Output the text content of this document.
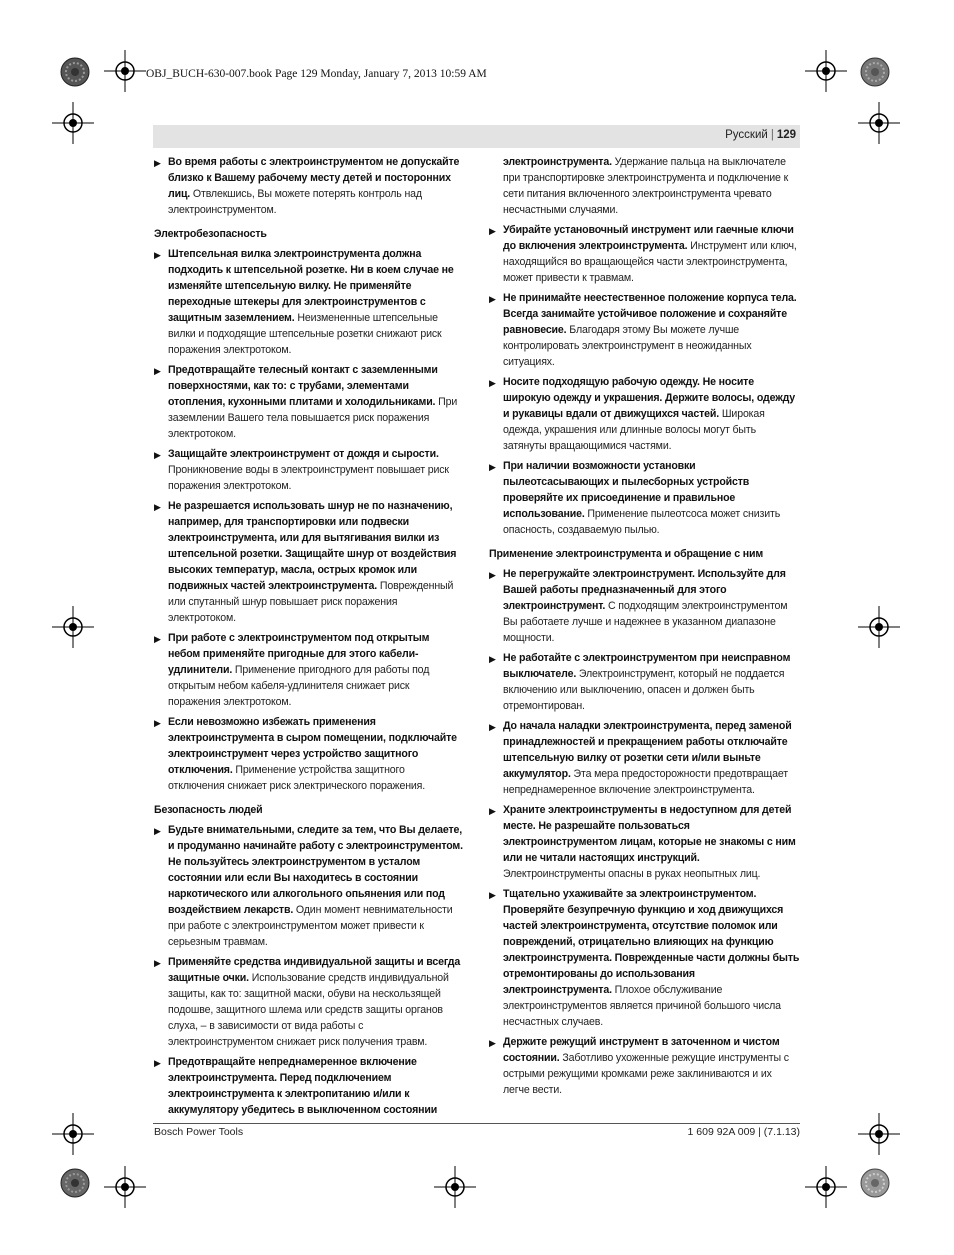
OBJ_BUCH-630-007.book Page 129 Monday, January 7, 2013 10:59 AM
Русский | 129
▶ Во время работы с электроинструментом не допускайте близко к Вашему рабочему месту детей и посторонних лиц. Отвлекшись, Вы можете потерять контроль над электроинструментом.
Электробезопасность
▶ Штепсельная вилка электроинструмента должна подходить к штепсельной розетке. Ни в коем случае не изменяйте штепсельную вилку. Не применяйте переходные штекеры для электроинструментов с защитным заземлением. Неизмененные штепсельные вилки и подходящие штепсельные розетки снижают риск поражения электротоком.
▶ Предотвращайте телесный контакт с заземленными поверхностями, как то: с трубами, элементами отопления, кухонными плитами и холодильниками. При заземлении Вашего тела повышается риск поражения электротоком.
▶ Защищайте электроинструмент от дождя и сырости. Проникновение воды в электроинструмент повышает риск поражения электротоком.
▶ Не разрешается использовать шнур не по назначению, например, для транспортировки или подвески электроинструмента, или для вытягивания вилки из штепсельной розетки. Защищайте шнур от воздействия высоких температур, масла, острых кромок или подвижных частей электроинструмента. Поврежденный или спутанный шнур повышает риск поражения электротоком.
▶ При работе с электроинструментом под открытым небом применяйте пригодные для этого кабели-удлинители. Применение пригодного для работы под открытым небом кабеля-удлинителя снижает риск поражения электротоком.
▶ Если невозможно избежать применения электроинструмента в сыром помещении, подключайте электроинструмент через устройство защитного отключения. Применение устройства защитного отключения снижает риск электрического поражения.
Безопасность людей
▶ Будьте внимательными, следите за тем, что Вы делаете, и продуманно начинайте работу с электроинструментом. Не пользуйтесь электроинструментом в усталом состоянии или если Вы находитесь в состоянии наркотического или алкогольного опьянения или под воздействием лекарств. Один момент невнимательности при работе с электроинструментом может привести к серьезным травмам.
▶ Применяйте средства индивидуальной защиты и всегда защитные очки. Использование средств индивидуальной защиты, как то: защитной маски, обуви на нескользящей подошве, защитного шлема или средств защиты органов слуха, – в зависимости от вида работы с электроинструментом снижает риск получения травм.
▶ Предотвращайте непреднамеренное включение электроинструмента. Перед подключением электроинструмента к электропитанию и/или к аккумулятору убедитесь в выключенном состоянии
электроинструмента. Удержание пальца на выключателе при транспортировке электроинструмента и подключение к сети питания включенного электроинструмента чревато несчастными случаями.
▶ Убирайте установочный инструмент или гаечные ключи до включения электроинструмента. Инструмент или ключ, находящийся во вращающейся части электроинструмента, может привести к травмам.
▶ Не принимайте неестественное положение корпуса тела. Всегда занимайте устойчивое положение и сохраняйте равновесие. Благодаря этому Вы можете лучше контролировать электроинструмент в неожиданных ситуациях.
▶ Носите подходящую рабочую одежду. Не носите широкую одежду и украшения. Держите волосы, одежду и рукавицы вдали от движущихся частей. Широкая одежда, украшения или длинные волосы могут быть затянуты вращающимися частями.
▶ При наличии возможности установки пылеотсасывающих и пылесборных устройств проверяйте их присоединение и правильное использование. Применение пылеотсоса может снизить опасность, создаваемую пылью.
Применение электроинструмента и обращение с ним
▶ Не перегружайте электроинструмент. Используйте для Вашей работы предназначенный для этого электроинструмент. С подходящим электроинструментом Вы работаете лучше и надежнее в указанном диапазоне мощности.
▶ Не работайте с электроинструментом при неисправном выключателе. Электроинструмент, который не поддается включению или выключению, опасен и должен быть отремонтирован.
▶ До начала наладки электроинструмента, перед заменой принадлежностей и прекращением работы отключайте штепсельную вилку от розетки сети и/или выньте аккумулятор. Эта мера предосторожности предотвращает непреднамеренное включение электроинструмента.
▶ Храните электроинструменты в недоступном для детей месте. Не разрешайте пользоваться электроинструментом лицам, которые не знакомы с ним или не читали настоящих инструкций. Электроинструменты опасны в руках неопытных лиц.
▶ Тщательно ухаживайте за электроинструментом. Проверяйте безупречную функцию и ход движущихся частей электроинструмента, отсутствие поломок или повреждений, отрицательно влияющих на функцию электроинструмента. Поврежденные части должны быть отремонтированы до использования электроинструмента. Плохое обслуживание электроинструментов является причиной большого числа несчастных случаев.
▶ Держите режущий инструмент в заточенном и чистом состоянии. Заботливо ухоженные режущие инструменты с острыми режущими кромками реже заклиниваются и их легче вести.
Bosch Power Tools	1 609 92A 009 | (7.1.13)
